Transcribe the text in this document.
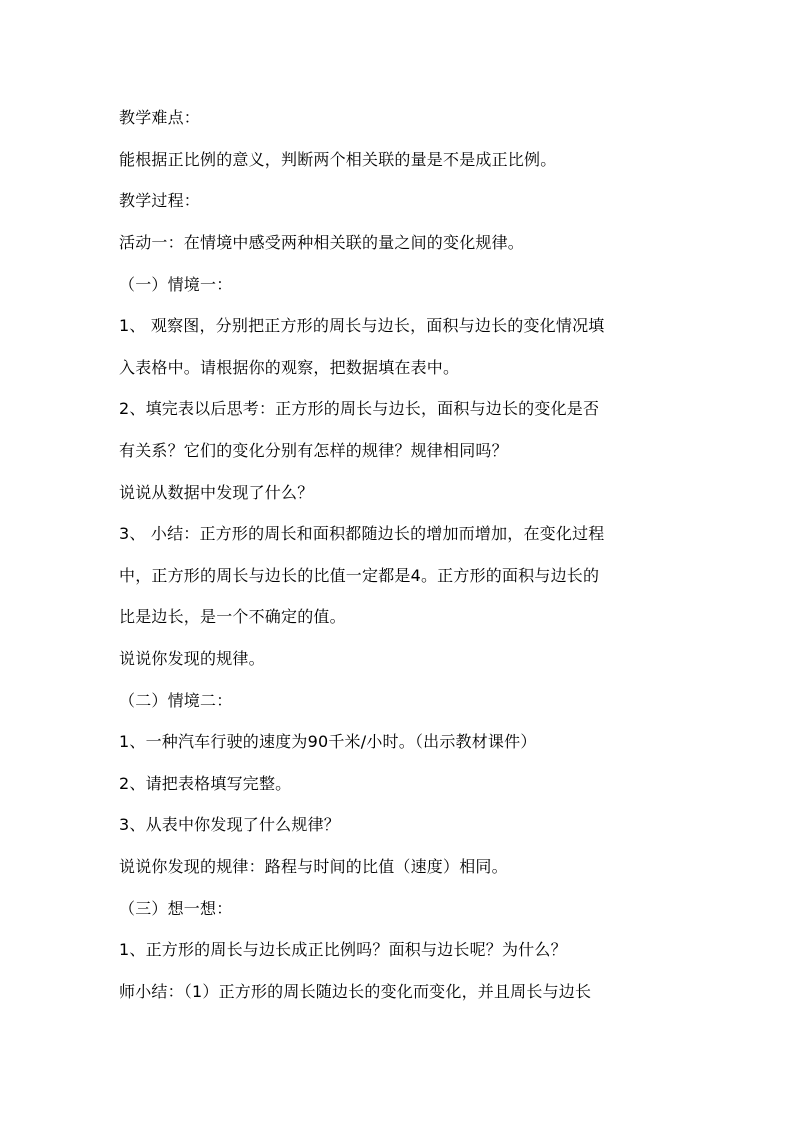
教学难点：
能根据正比例的意义，判断两个相关联的量是不是成正比例。
教学过程：
活动一：在情境中感受两种相关联的量之间的变化规律。
（一）情境一：
1、 观察图，分别把正方形的周长与边长，面积与边长的变化情况填
入表格中。请根据你的观察，把数据填在表中。
2、填完表以后思考：正方形的周长与边长，面积与边长的变化是否
有关系？它们的变化分别有怎样的规律？规律相同吗？
说说从数据中发现了什么？
3、 小结：正方形的周长和面积都随边长的增加而增加，在变化过程
中，正方形的周长与边长的比值一定都是4。正方形的面积与边长的
比是边长，是一个不确定的值。
说说你发现的规律。
（二）情境二：
1、一种汽车行驶的速度为90千米/小时。（出示教材课件）
2、请把表格填写完整。
3、从表中你发现了什么规律？
说说你发现的规律：路程与时间的比值（速度）相同。
（三）想一想：
1、正方形的周长与边长成正比例吗？面积与边长呢？为什么？
师小结：（1）正方形的周长随边长的变化而变化，并且周长与边长
